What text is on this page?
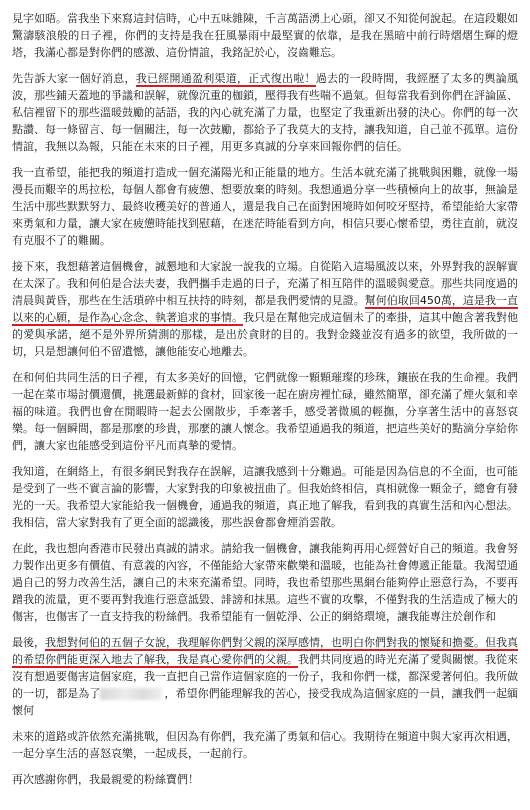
見字如晤。當我坐下來寫這封信時，心中五味雜陳，千言萬語湧上心頭，卻又不知從何說起。在這段艱如驚濤駭浪般的日子裡，你們的支持是我在狂風暴雨中最堅實的依靠，是我在黑暗中前行時熠熠生輝的燈塔，我滿心都是對你們的感激、這份情誼，我銘記於心，沒齒難忘。

先告訴大家一個好消息，我已經開通盈利渠道，正式復出啦！過去的一段時間，我經歷了太多的輿論風波，那些鋪天蓋地的爭議和誤解，就像沉重的枷鎖，壓得我有些喘不過氣。但每當我看到你們在評論區、私信裡留下的那些溫暖鼓勵的話語，我的內心就充滿了力量，也堅定了我重新出發的決心。你們的每一次點讚、每一條留言、每一個關注，每一次鼓勵，都給予了我莫大的支持，讓我知道，自己並不孤單。這份情誼，我無以為報，只能在未來的日子裡，用更多真誠的分享來回報你們的信任。

我一直希望，能把我的頻道打造成一個充滿陽光和正能量的地方。生活本就充滿了挑戰與困難，就像一場漫長而艱辛的馬拉松，每個人都會有疲憊、想要放棄的時刻。我想通過分享一些積極向上的故事，無論是生活中那些默默努力、最終收穫美好的普通人，還是我自己在面對困境時如何咬牙堅持，希望能給大家帶來勇氣和力量，讓大家在疲憊時能找到慰藉，在迷茫時能看到方向，相信只要心懷希望，勇往直前，就沒有克服不了的難關。

接下來，我想藉著這個機會，誠懇地和大家說一說我的立場。自從陷入這場風波以來，外界對我的誤解實在太深了。我和何伯是合法夫妻，我們攜手走過的日子，充滿了相互陪伴的溫暖與愛意。那些共同度過的清晨與黃昏，那些在生活瑣碎中相互扶持的時刻，都是我們愛情的見證。幫何伯取回450萬，這是我一直以來的心願，是作為心念念、執著追求的事情。我只是在幫他完成這個未了的牽掛，這其中飽含著我對他的愛與承諾，絕不是外界所猜測的那樣，是出於貪財的目的。我對金錢並沒有過多的欲望，我所做的一切，只是想讓何伯不留遺憾，讓他能安心地離去。

在和何伯共同生活的日子裡，有太多美好的回憶，它們就像一顆顆璀璨的珍珠，鑲嵌在我的生命裡。我們一起在菜市場討價還價，挑選最新鮮的食材，回家後一起在廚房裡忙碌，雖然簡單，卻充滿了煙火氣和幸福的味道。我們也會在閒暇時一起去公園散步，手牽著手，感受著微風的輕撫，分享著生活中的喜怒哀樂。每一個瞬間，都是那麼的珍貴，那麼的讓人懷念。我希望通過我的頻道，把這些美好的點滴分享給你們，讓大家也能感受到這份平凡而真摯的愛情。

我知道，在網絡上，有很多網民對我存在誤解，這讓我感到十分難過。可能是因為信息的不全面，也可能是受到了一些不實言論的影響，大家對我的印象被扭曲了。但我始終相信，真相就像一顆金子，總會有發光的一天。我希望大家能給我一個機會，通過我的頻道，真正地了解我，看到我的真實生活和內心想法。我相信，當大家對我有了更全面的認識後，那些誤會都會煙消雲散。

在此，我也想向香港市民發出真誠的請求。請給我一個機會，讓我能夠再用心經營好自己的頻道。我會努力製作出更多有價值、有意義的內容，不僅能給大家帶來歡樂和溫暖，也能為社會傳遞正能量。我渴望通過自己的努力改善生活，讓自己的未來充滿希望。同時，我也希望那些黑網台能夠停止惡意行為，不要再蹭我的流量，更不要再對我進行惡意詆毀、誹謗和抹黑。這些不實的攻擊，不僅對我的生活造成了極大的傷害，也傷害了一直支持我的粉絲們。我希望能有一個乾淨、公正的網絡環境，讓我能專注於創作和

最後，我想對何伯的五個子女說，我理解你們對父親的深厚感情，也明白你們對我的懷疑和擔憂。但我真的希望你們能更深入地去了解我，我是真心愛你們的父親。我們共同度過的時光充滿了愛與關懷。我從來沒有想過要傷害這個家庭，我一直把自己當作這個家庭的一份子，我和你們一樣，都深愛著何伯。我所做的一切，都是為了	，希望你們能理解我的苦心，接受我成為這個家庭的一員，讓我們一起緬懷何

未來的道路或許依然充滿挑戰，但因為有你們，我充滿了勇氣和信心。我期待在頻道中與大家再次相遇，一起分享生活的喜怒哀樂，一起成長，一起前行。

再次感謝你們，我最親愛的粉絲寶們！
